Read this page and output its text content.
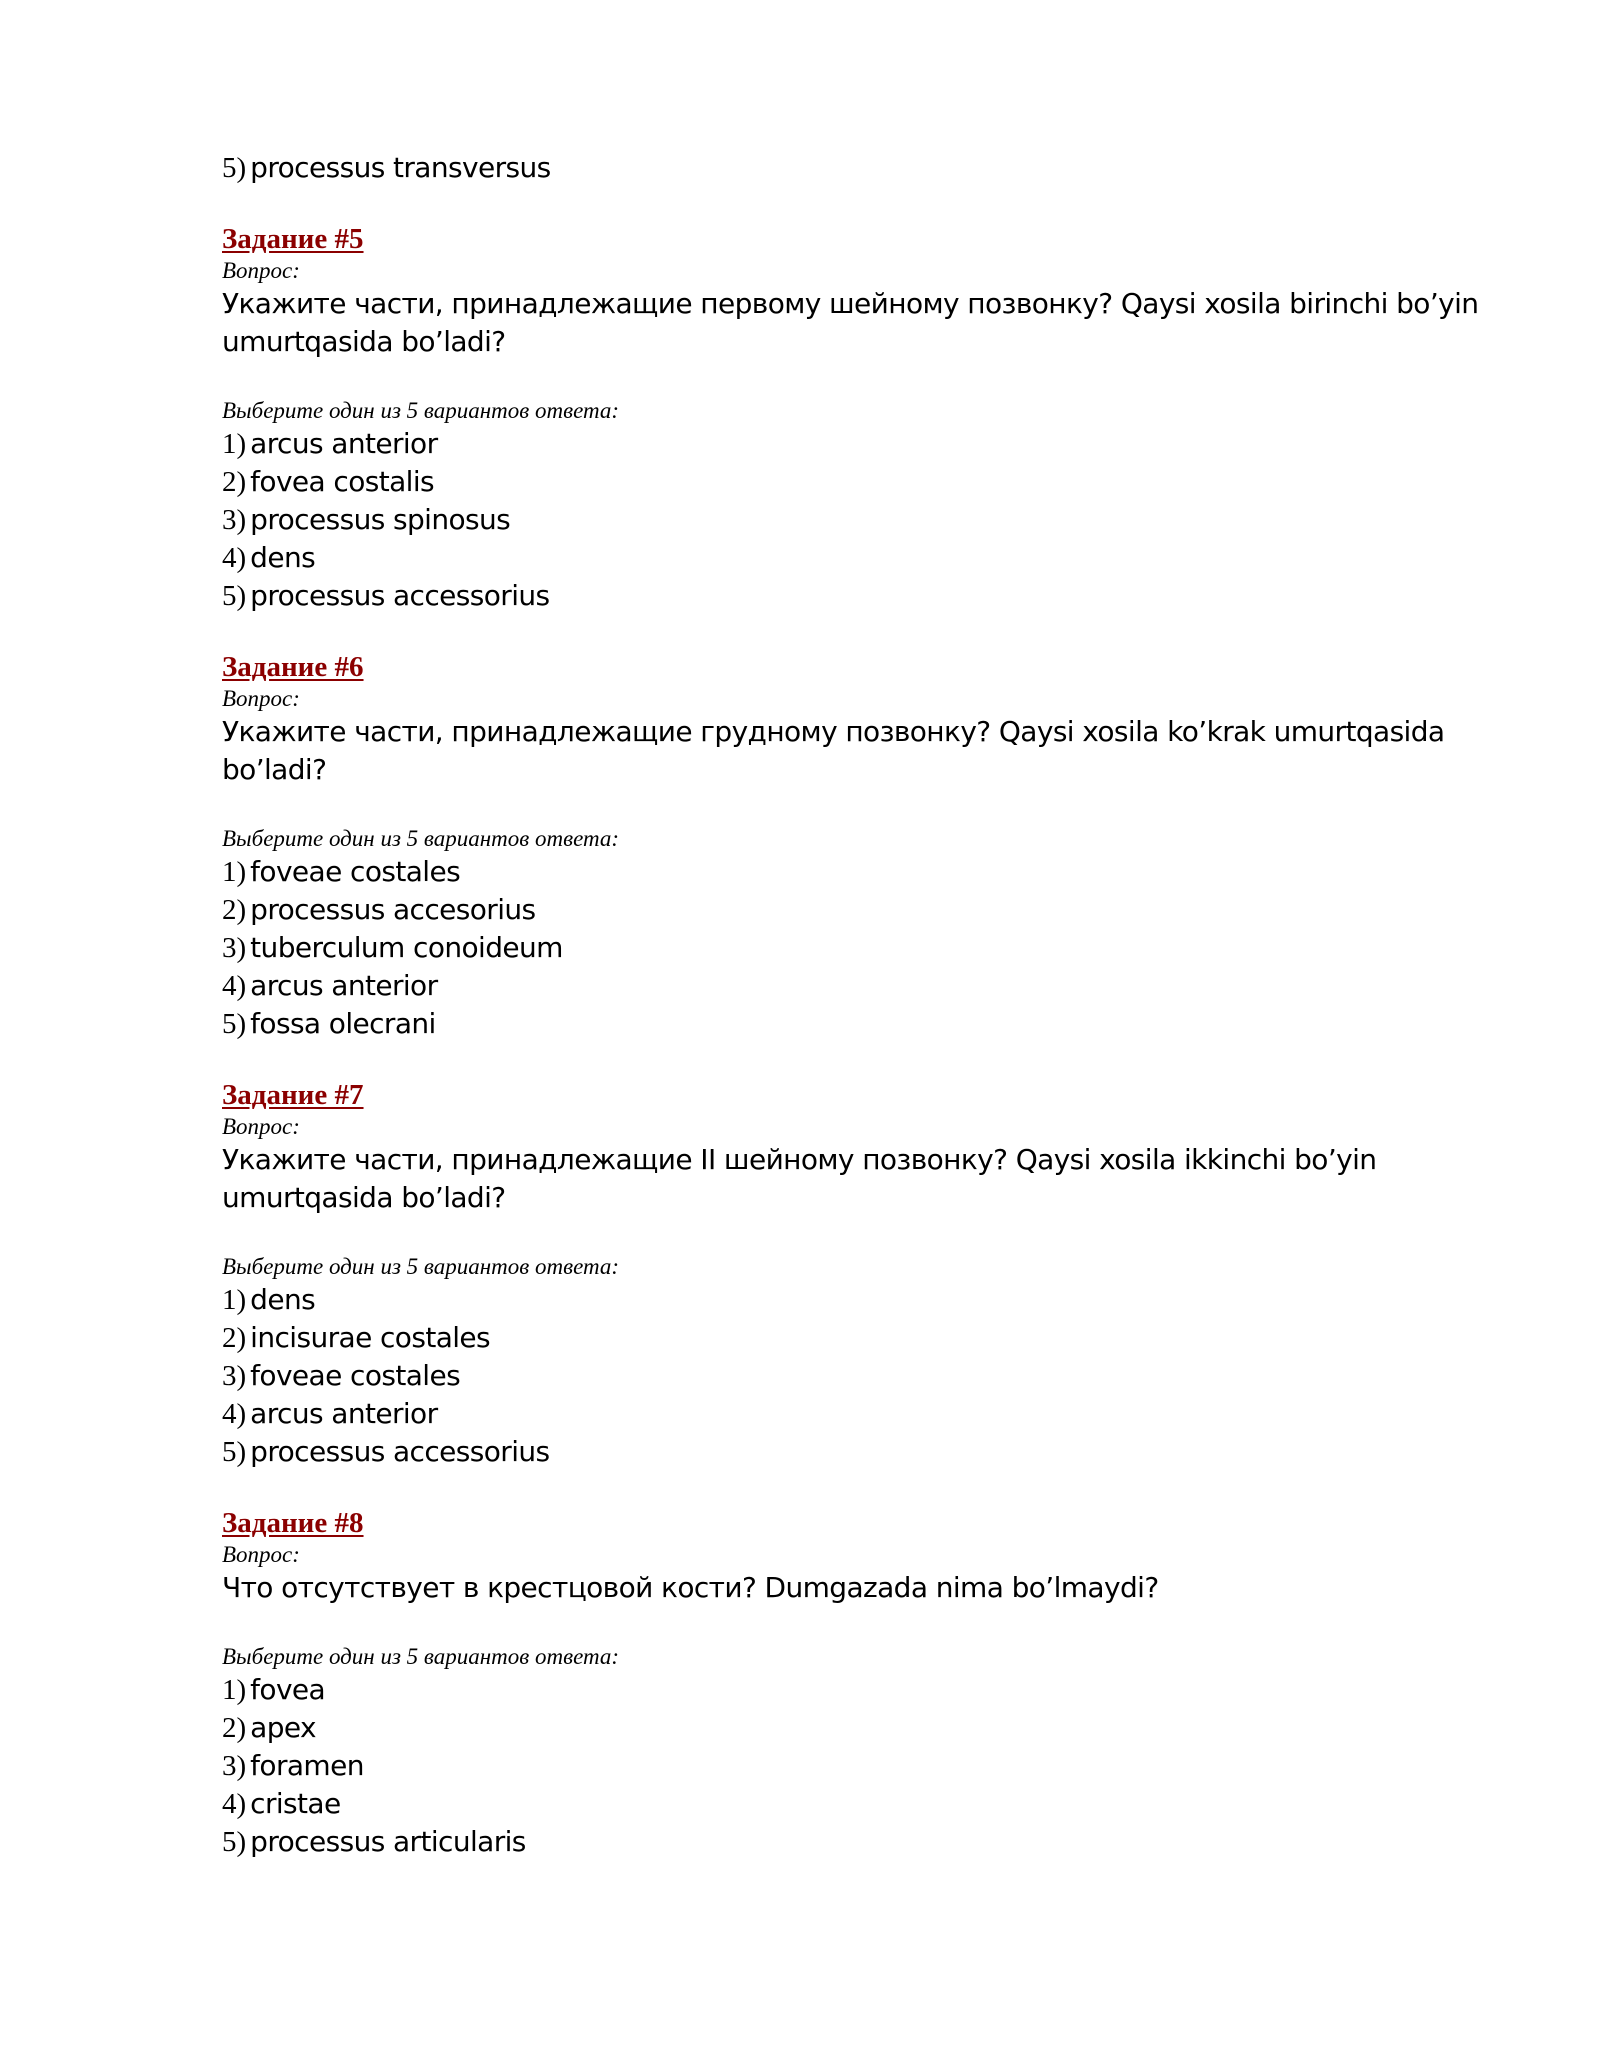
5) processus transversus
Задание #5
Вопрос:
Укажите части, принадлежащие первому шейному позвонку? Qaysi xosila birinchi bo’yin umurtqasida bo’ladi?
Выберите один из 5 вариантов ответа:
1) arcus anterior
2) fovea costalis
3) processus spinosus
4) dens
5) processus accessorius
Задание #6
Вопрос:
Укажите части, принадлежащие грудному позвонку? Qaysi xosila ko’krak umurtqasida bo’ladi?
Выберите один из 5 вариантов ответа:
1) foveae costales
2) processus accesorius
3) tuberculum conoideum
4) arcus anterior
5) fossa olecrani
Задание #7
Вопрос:
Укажите части, принадлежащие II шейному позвонку? Qaysi xosila ikkinchi bo’yin umurtqasida bo’ladi?
Выберите один из 5 вариантов ответа:
1) dens
2) incisurae costales
3) foveae costales
4) arcus anterior
5) processus accessorius
Задание #8
Вопрос:
Что отсутствует в крестцовой кости? Dumgazada nima bo’lmaydi?
Выберите один из 5 вариантов ответа:
1) fovea
2) apex
3) foramen
4) cristae
5) processus articularis
